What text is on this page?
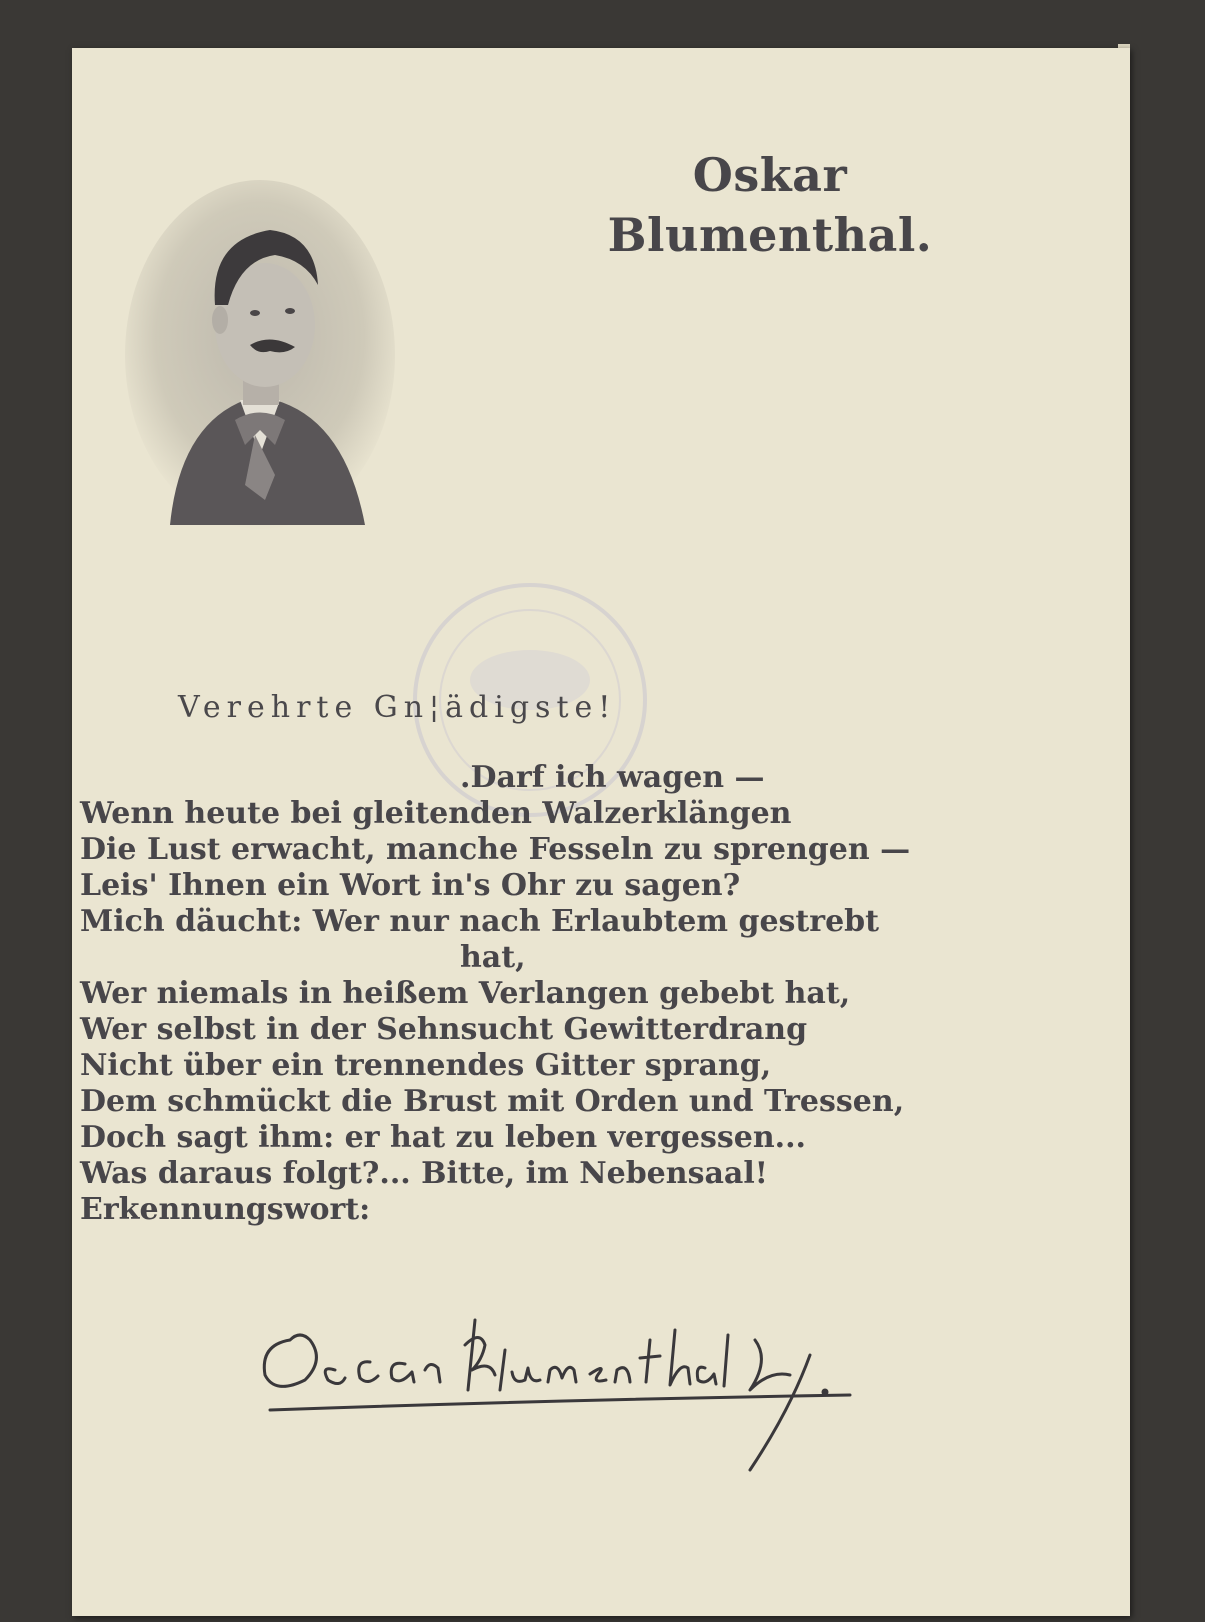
Oskar
Blumenthal.
Verehrte Gn¦ädigste!
.Darf ich wagen —
Wenn heute bei gleitenden Walzerklängen
Die Lust erwacht, manche Fesseln zu sprengen —
Leis' Ihnen ein Wort in's Ohr zu sagen?
Mich däucht: Wer nur nach Erlaubtem gestrebt
hat,
Wer niemals in heißem Verlangen gebebt hat,
Wer selbst in der Sehnsucht Gewitterdrang
Nicht über ein trennendes Gitter sprang,
Dem schmückt die Brust mit Orden und Tressen,
Doch sagt ihm: er hat zu leben vergessen...
Was daraus folgt?... Bitte, im Nebensaal!
Erkennungswort:
